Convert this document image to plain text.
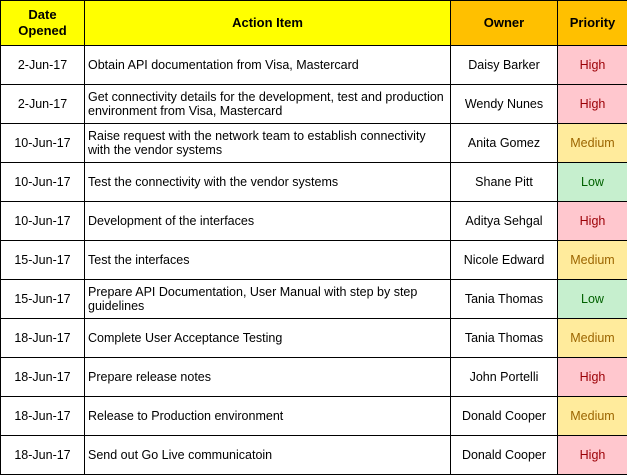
Date Opened	Action Item	Owner	Priority
2-Jun-17	Obtain API documentation from Visa, Mastercard	Daisy Barker	High
2-Jun-17	Get connectivity details for the development, test and production environment from Visa, Mastercard	Wendy Nunes	High
10-Jun-17	Raise request with the network team to establish connectivity with the vendor systems	Anita Gomez	Medium
10-Jun-17	Test the connectivity with the vendor systems	Shane Pitt	Low
10-Jun-17	Development of the interfaces	Aditya Sehgal	High
15-Jun-17	Test the interfaces	Nicole Edward	Medium
15-Jun-17	Prepare API Documentation, User Manual with step by step guidelines	Tania Thomas	Low
18-Jun-17	Complete User Acceptance Testing	Tania Thomas	Medium
18-Jun-17	Prepare release notes	John Portelli	High
18-Jun-17	Release to Production environment	Donald Cooper	Medium
18-Jun-17	Send out Go Live communicatoin	Donald Cooper	High
